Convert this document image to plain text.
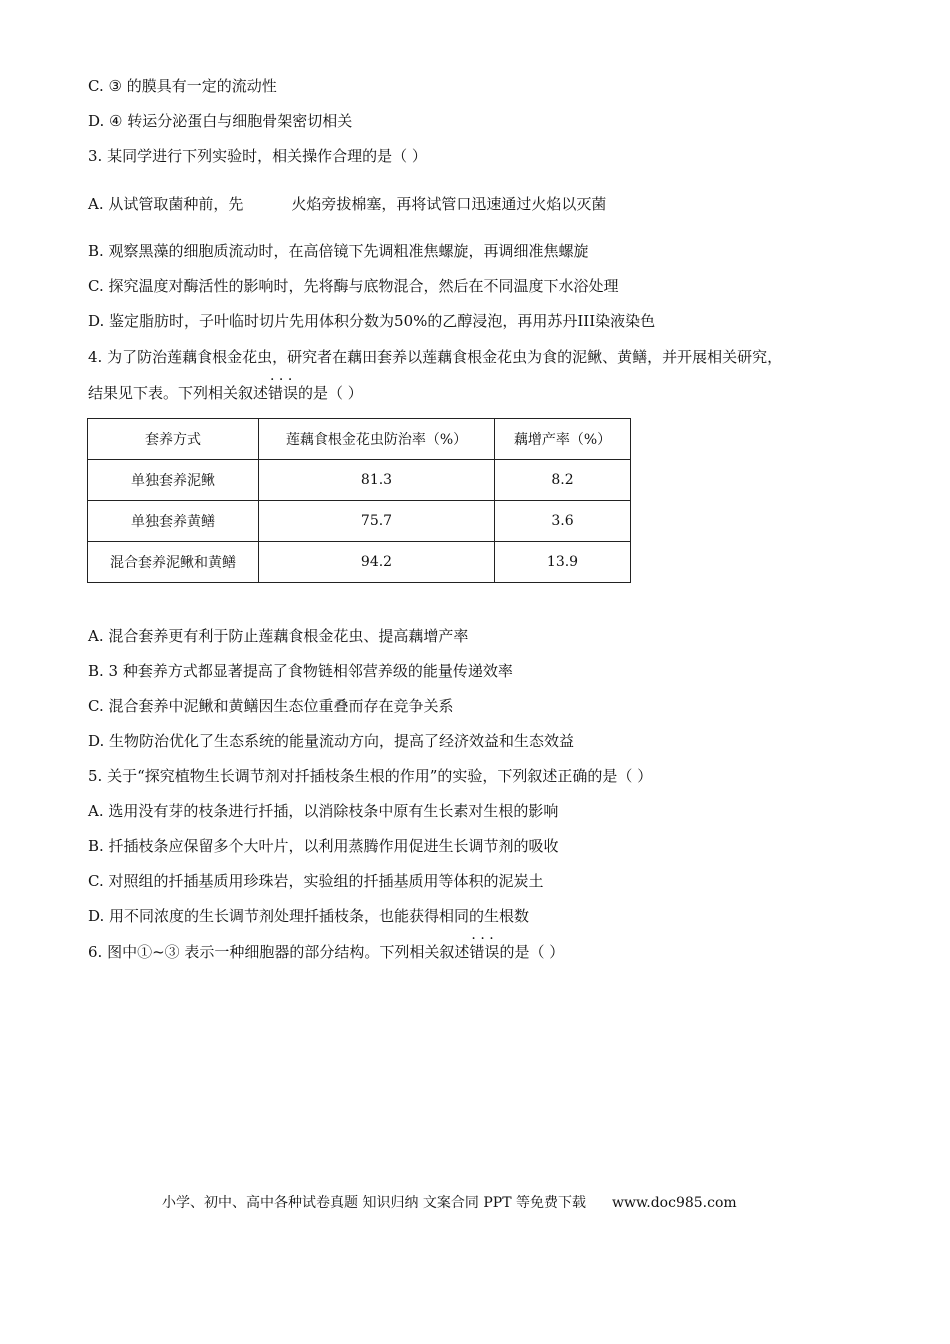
C. ③ 的膜具有一定的流动性
D. ④ 转运分泌蛋白与细胞骨架密切相关
3. 某同学进行下列实验时，相关操作合理的是（ ）
A. 从试管取菌种前，先	火焰旁拔棉塞，再将试管口迅速通过火焰以灭菌
B. 观察黑藻的细胞质流动时，在高倍镜下先调粗准焦螺旋，再调细准焦螺旋
C. 探究温度对酶活性的影响时，先将酶与底物混合，然后在不同温度下水浴处理
D. 鉴定脂肪时，子叶临时切片先用体积分数为50%的乙醇浸泡，再用苏丹III染液染色
4. 为了防治莲藕食根金花虫，研究者在藕田套养以莲藕食根金花虫为食的泥鳅、黄鳝，并开展相关研究，
结果见下表。下列相关叙述· · · 错误的是（ ）
套养方式	莲藕食根金花虫防治率（%）	藕增产率（%）
单独套养泥鳅	81.3	8.2
单独套养黄鳝	75.7	3.6
混合套养泥鳅和黄鳝	94.2	13.9
A. 混合套养更有利于防止莲藕食根金花虫、提高藕增产率
B. 3 种套养方式都显著提高了食物链相邻营养级的能量传递效率
C. 混合套养中泥鳅和黄鳝因生态位重叠而存在竞争关系
D. 生物防治优化了生态系统的能量流动方向，提高了经济效益和生态效益
5. 关于“探究植物生长调节剂对扦插枝条生根的作用”的实验，下列叙述正确的是（ ）
A. 选用没有芽的枝条进行扦插，以消除枝条中原有生长素对生根的影响
B. 扦插枝条应保留多个大叶片，以利用蒸腾作用促进生长调节剂的吸收
C. 对照组的扦插基质用珍珠岩，实验组的扦插基质用等体积的泥炭土
D. 用不同浓度的生长调节剂处理扦插枝条，也能获得相同的生根数
6. 图中①~③ 表示一种细胞器的部分结构。下列相关叙述· · · 错误的是（ ）
小学、初中、高中各种试卷真题 知识归纳 文案合同 PPT 等免费下载 www.doc985.com
